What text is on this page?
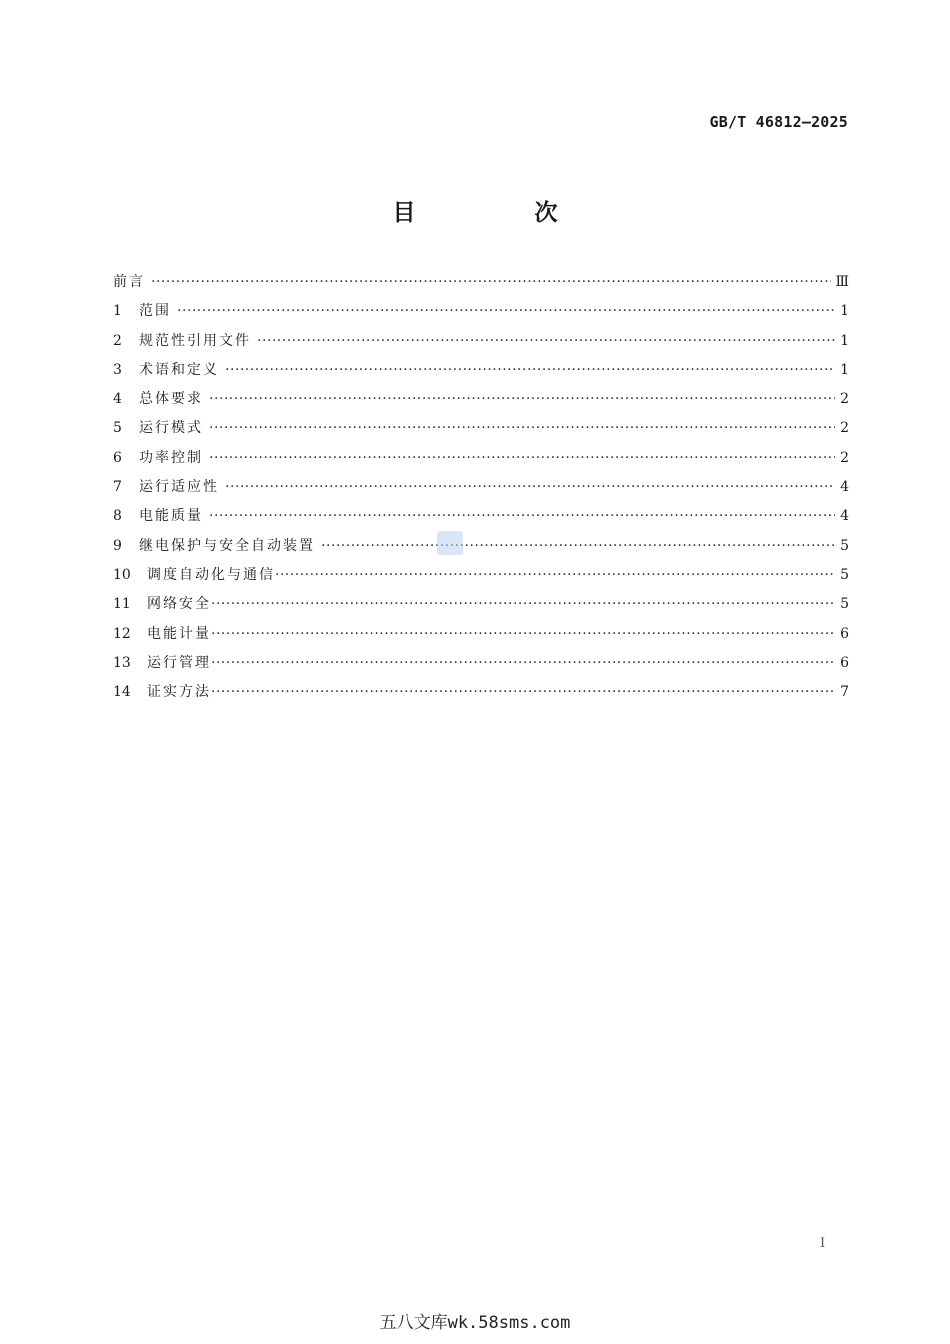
GB/T 46812—2025
目　次
前言 ·····	Ⅲ
1	范围 ·····	1
2	规范性引用文件 ·····	1
3	术语和定义 ·····	1
4	总体要求 ·····	2
5	运行模式 ·····	2
6	功率控制 ·····	2
7	运行适应性 ·····	4
8	电能质量 ·····	4
9	继电保护与安全自动装置 ·····	5
10	调度自动化与通信 ·····	5
11	网络安全 ·····	5
12	电能计量 ·····	6
13	运行管理 ·····	6
14	证实方法 ·····	7
I
五八文库wk.58sms.com
